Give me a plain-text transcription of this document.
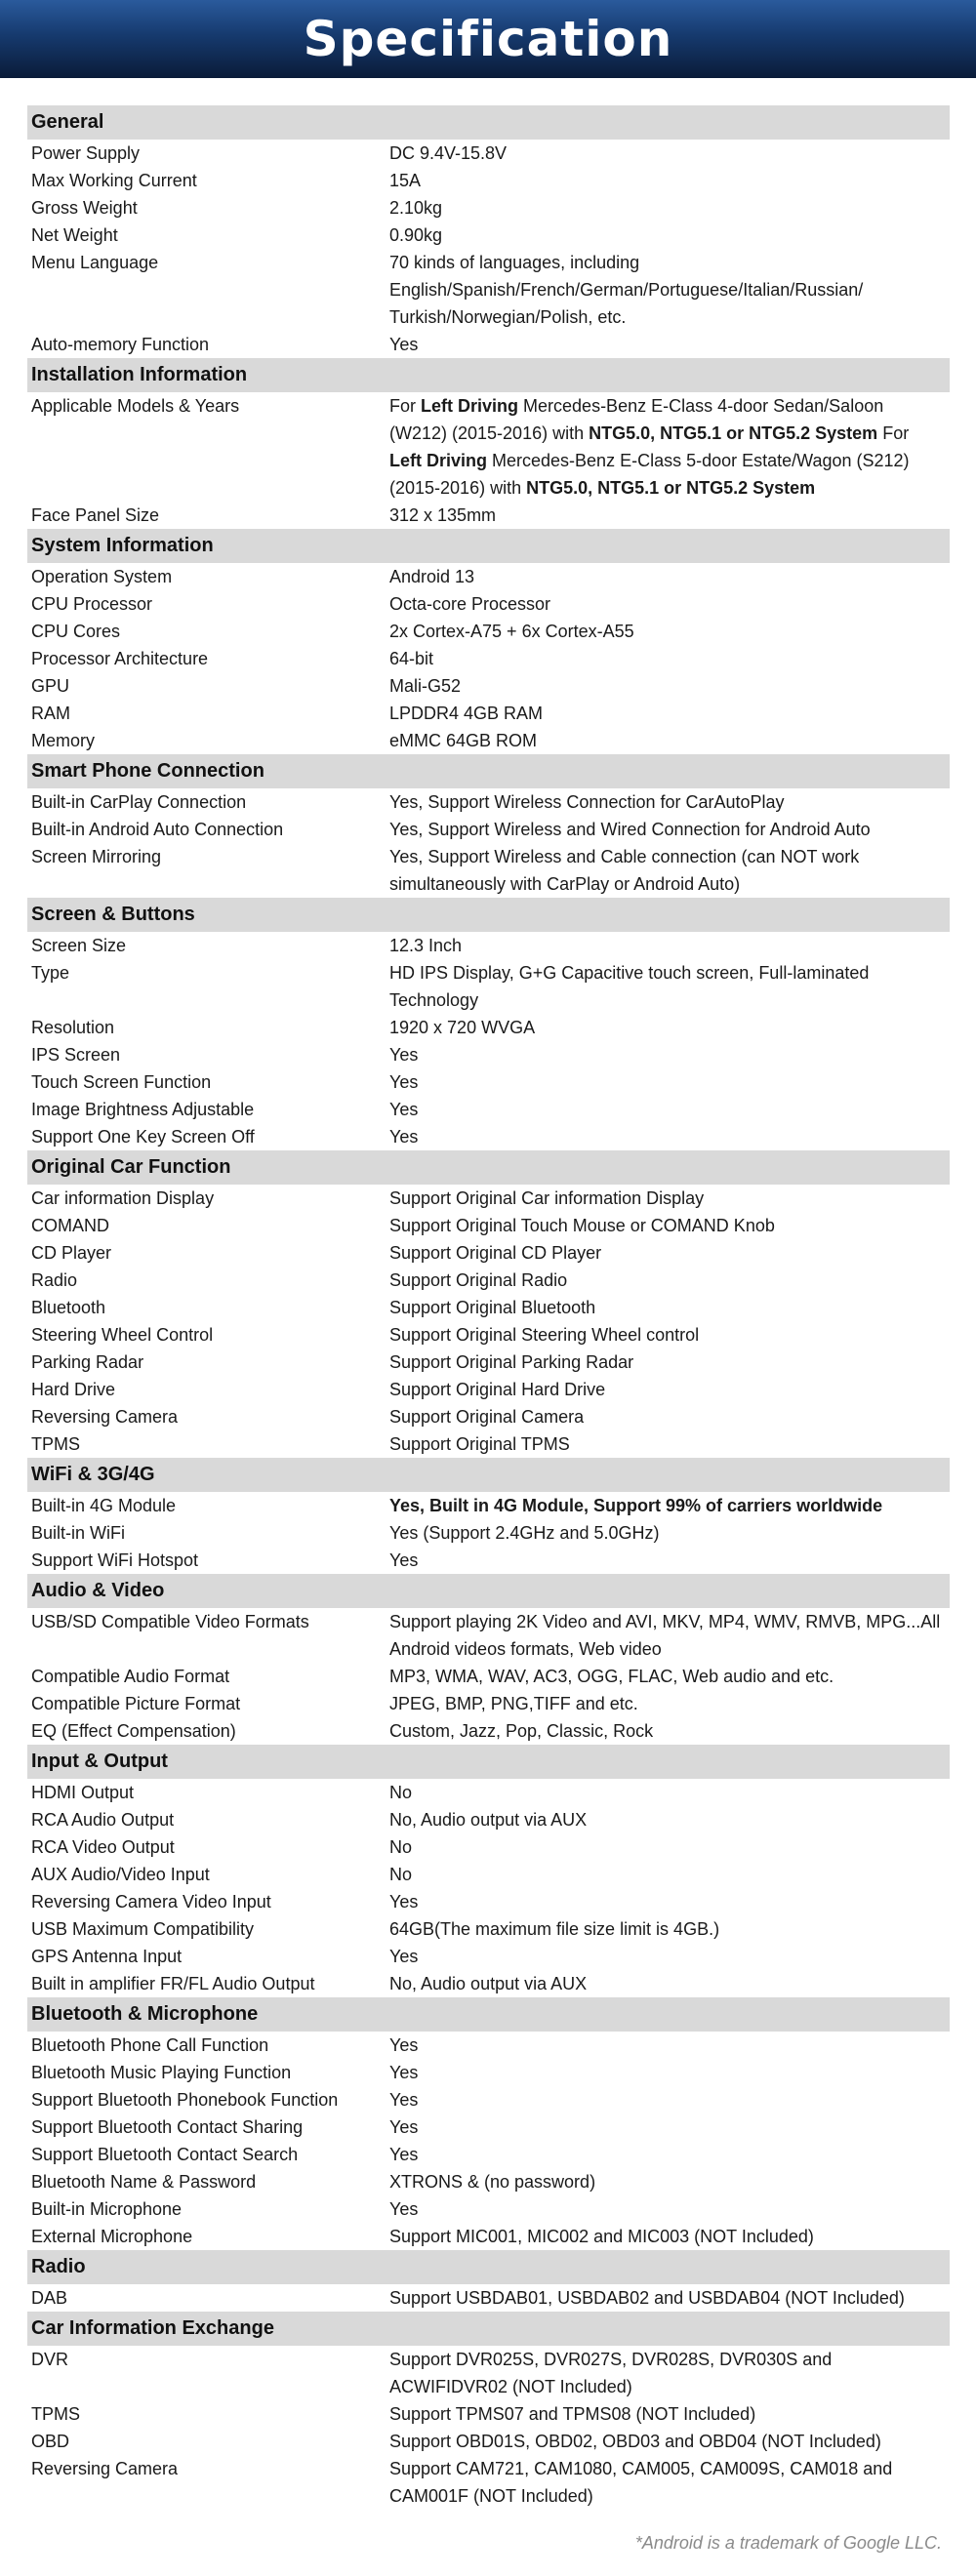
Specification
General
Power Supply	DC 9.4V-15.8V
Max Working Current	15A
Gross Weight	2.10kg
Net Weight	0.90kg
Menu Language	70 kinds of languages, including English/Spanish/French/German/Portuguese/Italian/Russian/ Turkish/Norwegian/Polish, etc.
Auto-memory Function	Yes
Installation Information
Applicable Models & Years	For Left Driving Mercedes-Benz E-Class 4-door Sedan/Saloon (W212) (2015-2016) with NTG5.0, NTG5.1 or NTG5.2 System For Left Driving Mercedes-Benz E-Class 5-door Estate/Wagon (S212) (2015-2016) with NTG5.0, NTG5.1 or NTG5.2 System
Face Panel Size	312 x 135mm
System Information
Operation System	Android 13
CPU Processor	Octa-core Processor
CPU Cores	2x Cortex-A75 + 6x Cortex-A55
Processor Architecture	64-bit
GPU	Mali-G52
RAM	LPDDR4 4GB RAM
Memory	eMMC 64GB ROM
Smart Phone Connection
Built-in CarPlay Connection	Yes, Support Wireless Connection for CarAutoPlay
Built-in Android Auto Connection	Yes, Support Wireless and Wired Connection for Android Auto
Screen Mirroring	Yes, Support Wireless and Cable connection (can NOT work simultaneously with CarPlay or Android Auto)
Screen & Buttons
Screen Size	12.3 Inch
Type	HD IPS Display, G+G Capacitive touch screen, Full-laminated Technology
Resolution	1920 x 720 WVGA
IPS Screen	Yes
Touch Screen Function	Yes
Image Brightness Adjustable	Yes
Support One Key Screen Off	Yes
Original Car Function
Car information Display	Support Original Car information Display
COMAND	Support Original Touch Mouse or COMAND Knob
CD Player	Support Original CD Player
Radio	Support Original Radio
Bluetooth	Support Original Bluetooth
Steering Wheel Control	Support Original Steering Wheel control
Parking Radar	Support Original Parking Radar
Hard Drive	Support Original Hard Drive
Reversing Camera	Support Original Camera
TPMS	Support Original TPMS
WiFi & 3G/4G
Built-in 4G Module	Yes, Built in 4G Module, Support 99% of carriers worldwide
Built-in WiFi	Yes (Support 2.4GHz and 5.0GHz)
Support WiFi Hotspot	Yes
Audio & Video
USB/SD Compatible Video Formats	Support playing 2K Video and AVI, MKV, MP4, WMV, RMVB, MPG...All Android videos formats, Web video
Compatible Audio Format	MP3, WMA, WAV, AC3, OGG, FLAC, Web audio and etc.
Compatible Picture Format	JPEG, BMP, PNG,TIFF and etc.
EQ (Effect Compensation)	Custom, Jazz, Pop, Classic, Rock
Input & Output
HDMI Output	No
RCA Audio Output	No, Audio output via AUX
RCA Video Output	No
AUX Audio/Video Input	No
Reversing Camera Video Input	Yes
USB Maximum Compatibility	64GB(The maximum file size limit is 4GB.)
GPS Antenna Input	Yes
Built in amplifier FR/FL Audio Output	No, Audio output via AUX
Bluetooth & Microphone
Bluetooth Phone Call Function	Yes
Bluetooth Music Playing Function	Yes
Support Bluetooth Phonebook Function	Yes
Support Bluetooth Contact Sharing	Yes
Support Bluetooth Contact Search	Yes
Bluetooth Name & Password	XTRONS & (no password)
Built-in Microphone	Yes
External Microphone	Support MIC001, MIC002 and MIC003 (NOT Included)
Radio
DAB	Support USBDAB01, USBDAB02 and USBDAB04 (NOT Included)
Car Information Exchange
DVR	Support DVR025S, DVR027S, DVR028S, DVR030S and ACWIFIDVR02 (NOT Included)
TPMS	Support TPMS07 and TPMS08 (NOT Included)
OBD	Support OBD01S, OBD02, OBD03 and OBD04 (NOT Included)
Reversing Camera	Support CAM721, CAM1080, CAM005, CAM009S, CAM018 and CAM001F (NOT Included)
*Android is a trademark of Google LLC.
